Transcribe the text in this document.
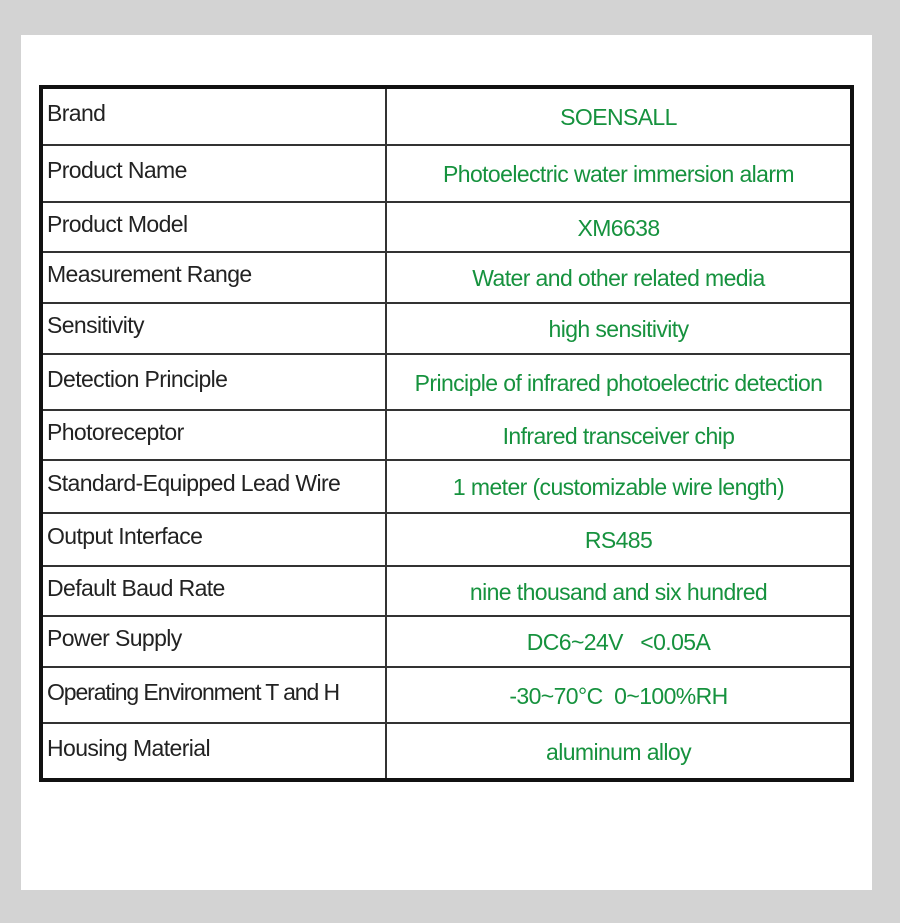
Brand	SOENSALL
Product Name	Photoelectric water immersion alarm
Product Model	XM6638
Measurement Range	Water and other related media
Sensitivity	high sensitivity
Detection Principle	Principle of infrared photoelectric detection
Photoreceptor	Infrared transceiver chip
Standard-Equipped Lead Wire	1 meter (customizable wire length)
Output Interface	RS485
Default Baud Rate	nine thousand and six hundred
Power Supply	DC6~24V   <0.05A
Operating Environment T and H	-30~70°C  0~100%RH
Housing Material	aluminum alloy
